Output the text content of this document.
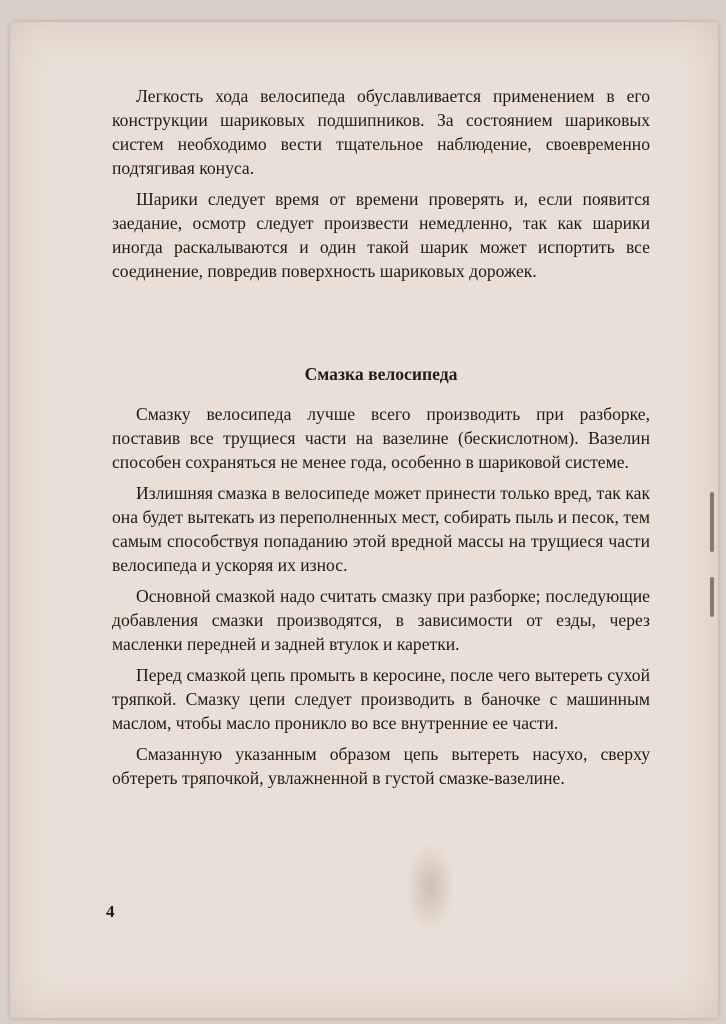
Легкость хода велосипеда обуславливается применением в его конструкции шариковых подшипников. За состоянием шариковых систем необходимо вести тщательное наблюдение, своевременно подтягивая конуса.

Шарики следует время от времени проверять и, если появится заедание, осмотр следует произвести немедленно, так как шарики иногда раскалываются и один такой шарик может испортить все соединение, повредив поверхность шариковых дорожек.

Смазка велосипеда

Смазку велосипеда лучше всего производить при разборке, поставив все трущиеся части на вазелине (бескислотном). Вазелин способен сохраняться не менее года, особенно в шариковой системе.

Излишняя смазка в велосипеде может принести только вред, так как она будет вытекать из переполненных мест, собирать пыль и песок, тем самым способствуя попаданию этой вредной массы на трущиеся части велосипеда и ускоряя их износ.

Основной смазкой надо считать смазку при разборке; последующие добавления смазки производятся, в зависимости от езды, через масленки передней и задней втулок и каретки.

Перед смазкой цепь промыть в керосине, после чего вытереть сухой тряпкой. Смазку цепи следует производить в баночке с машинным маслом, чтобы масло проникло во все внутренние ее части.

Смазанную указанным образом цепь вытереть насухо, сверху обтереть тряпочкой, увлажненной в густой смазке-вазелине.

4
